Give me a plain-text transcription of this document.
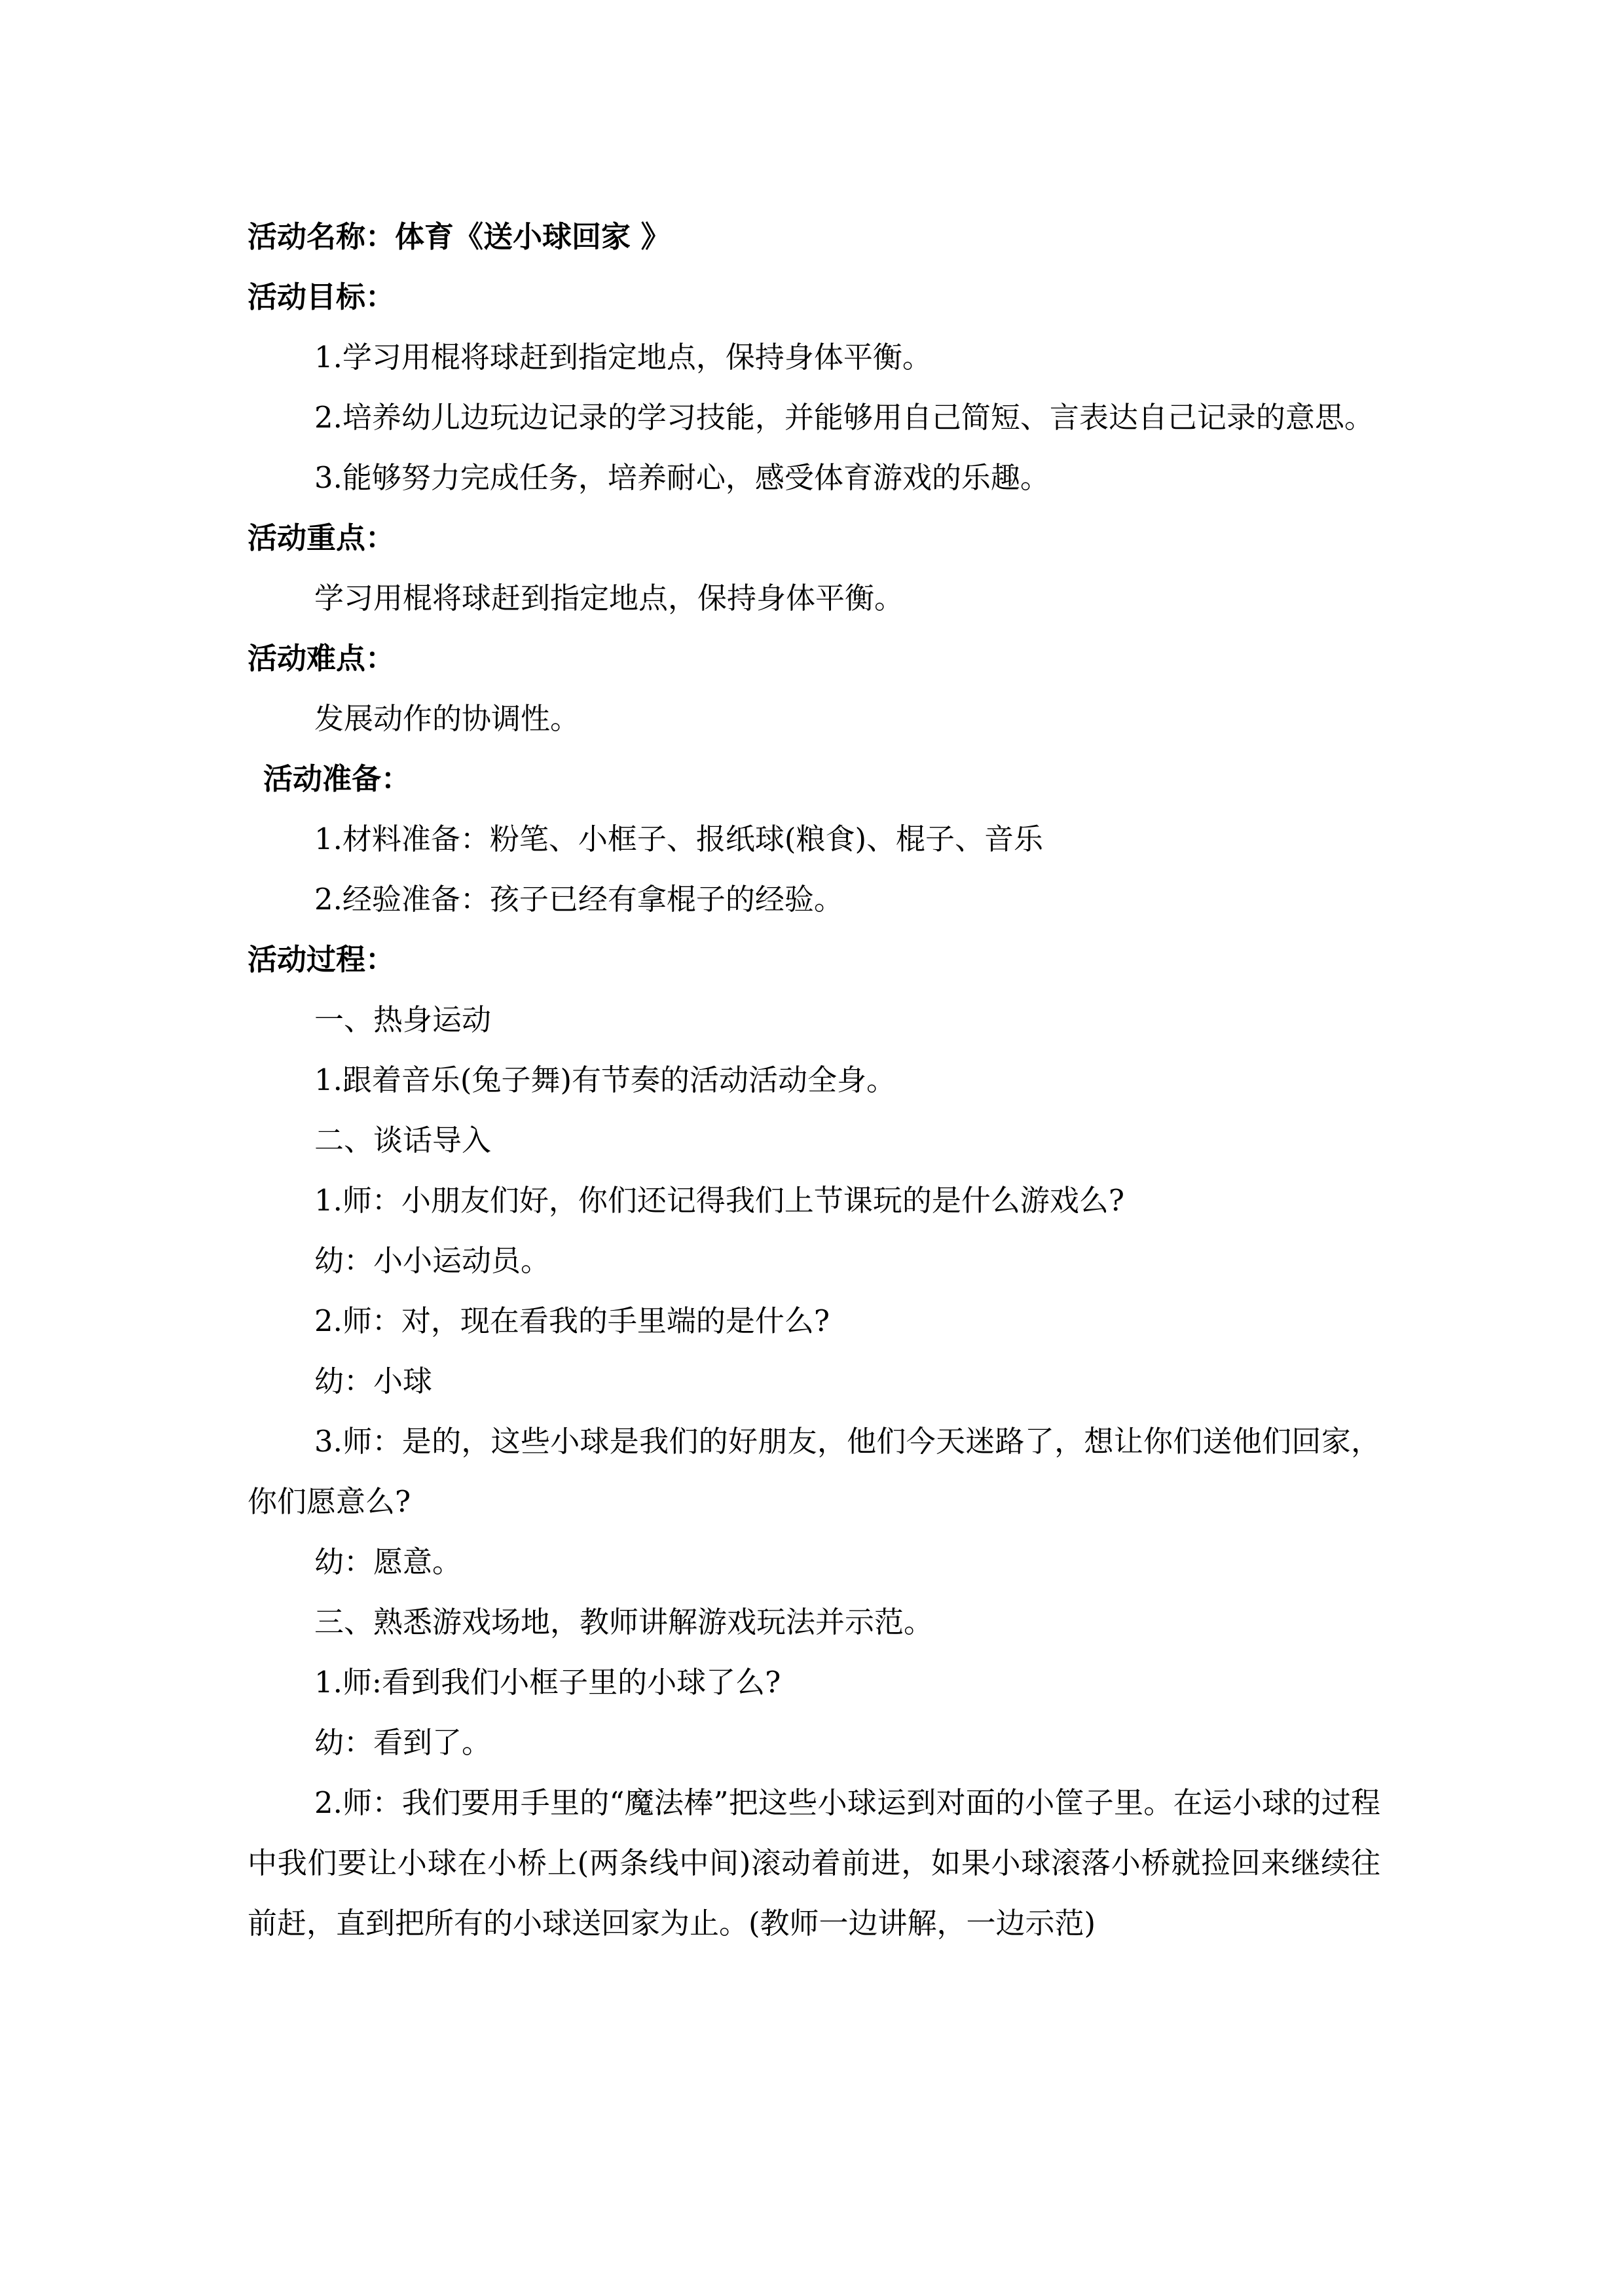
活动名称：体育《送小球回家 》
活动目标：
1.学习用棍将球赶到指定地点，保持身体平衡。
2.培养幼儿边玩边记录的学习技能，并能够用自己简短、言表达自己记录的意思。
3.能够努力完成任务，培养耐心，感受体育游戏的乐趣。
活动重点：
学习用棍将球赶到指定地点，保持身体平衡。
活动难点：
发展动作的协调性。
活动准备：
1.材料准备：粉笔、小框子、报纸球(粮食)、棍子、音乐
2.经验准备：孩子已经有拿棍子的经验。
活动过程：
一、热身运动
1.跟着音乐(兔子舞)有节奏的活动活动全身。
二、谈话导入
1.师：小朋友们好，你们还记得我们上节课玩的是什么游戏么?
幼：小小运动员。
2.师：对，现在看我的手里端的是什么?
幼：小球
3.师：是的，这些小球是我们的好朋友，他们今天迷路了，想让你们送他们回家，你们愿意么?
幼：愿意。
三、熟悉游戏场地，教师讲解游戏玩法并示范。
1.师:看到我们小框子里的小球了么?
幼：看到了。
2.师：我们要用手里的“魔法棒”把这些小球运到对面的小筐子里。在运小球的过程中我们要让小球在小桥上(两条线中间)滚动着前进，如果小球滚落小桥就捡回来继续往前赶，直到把所有的小球送回家为止。(教师一边讲解，一边示范)
